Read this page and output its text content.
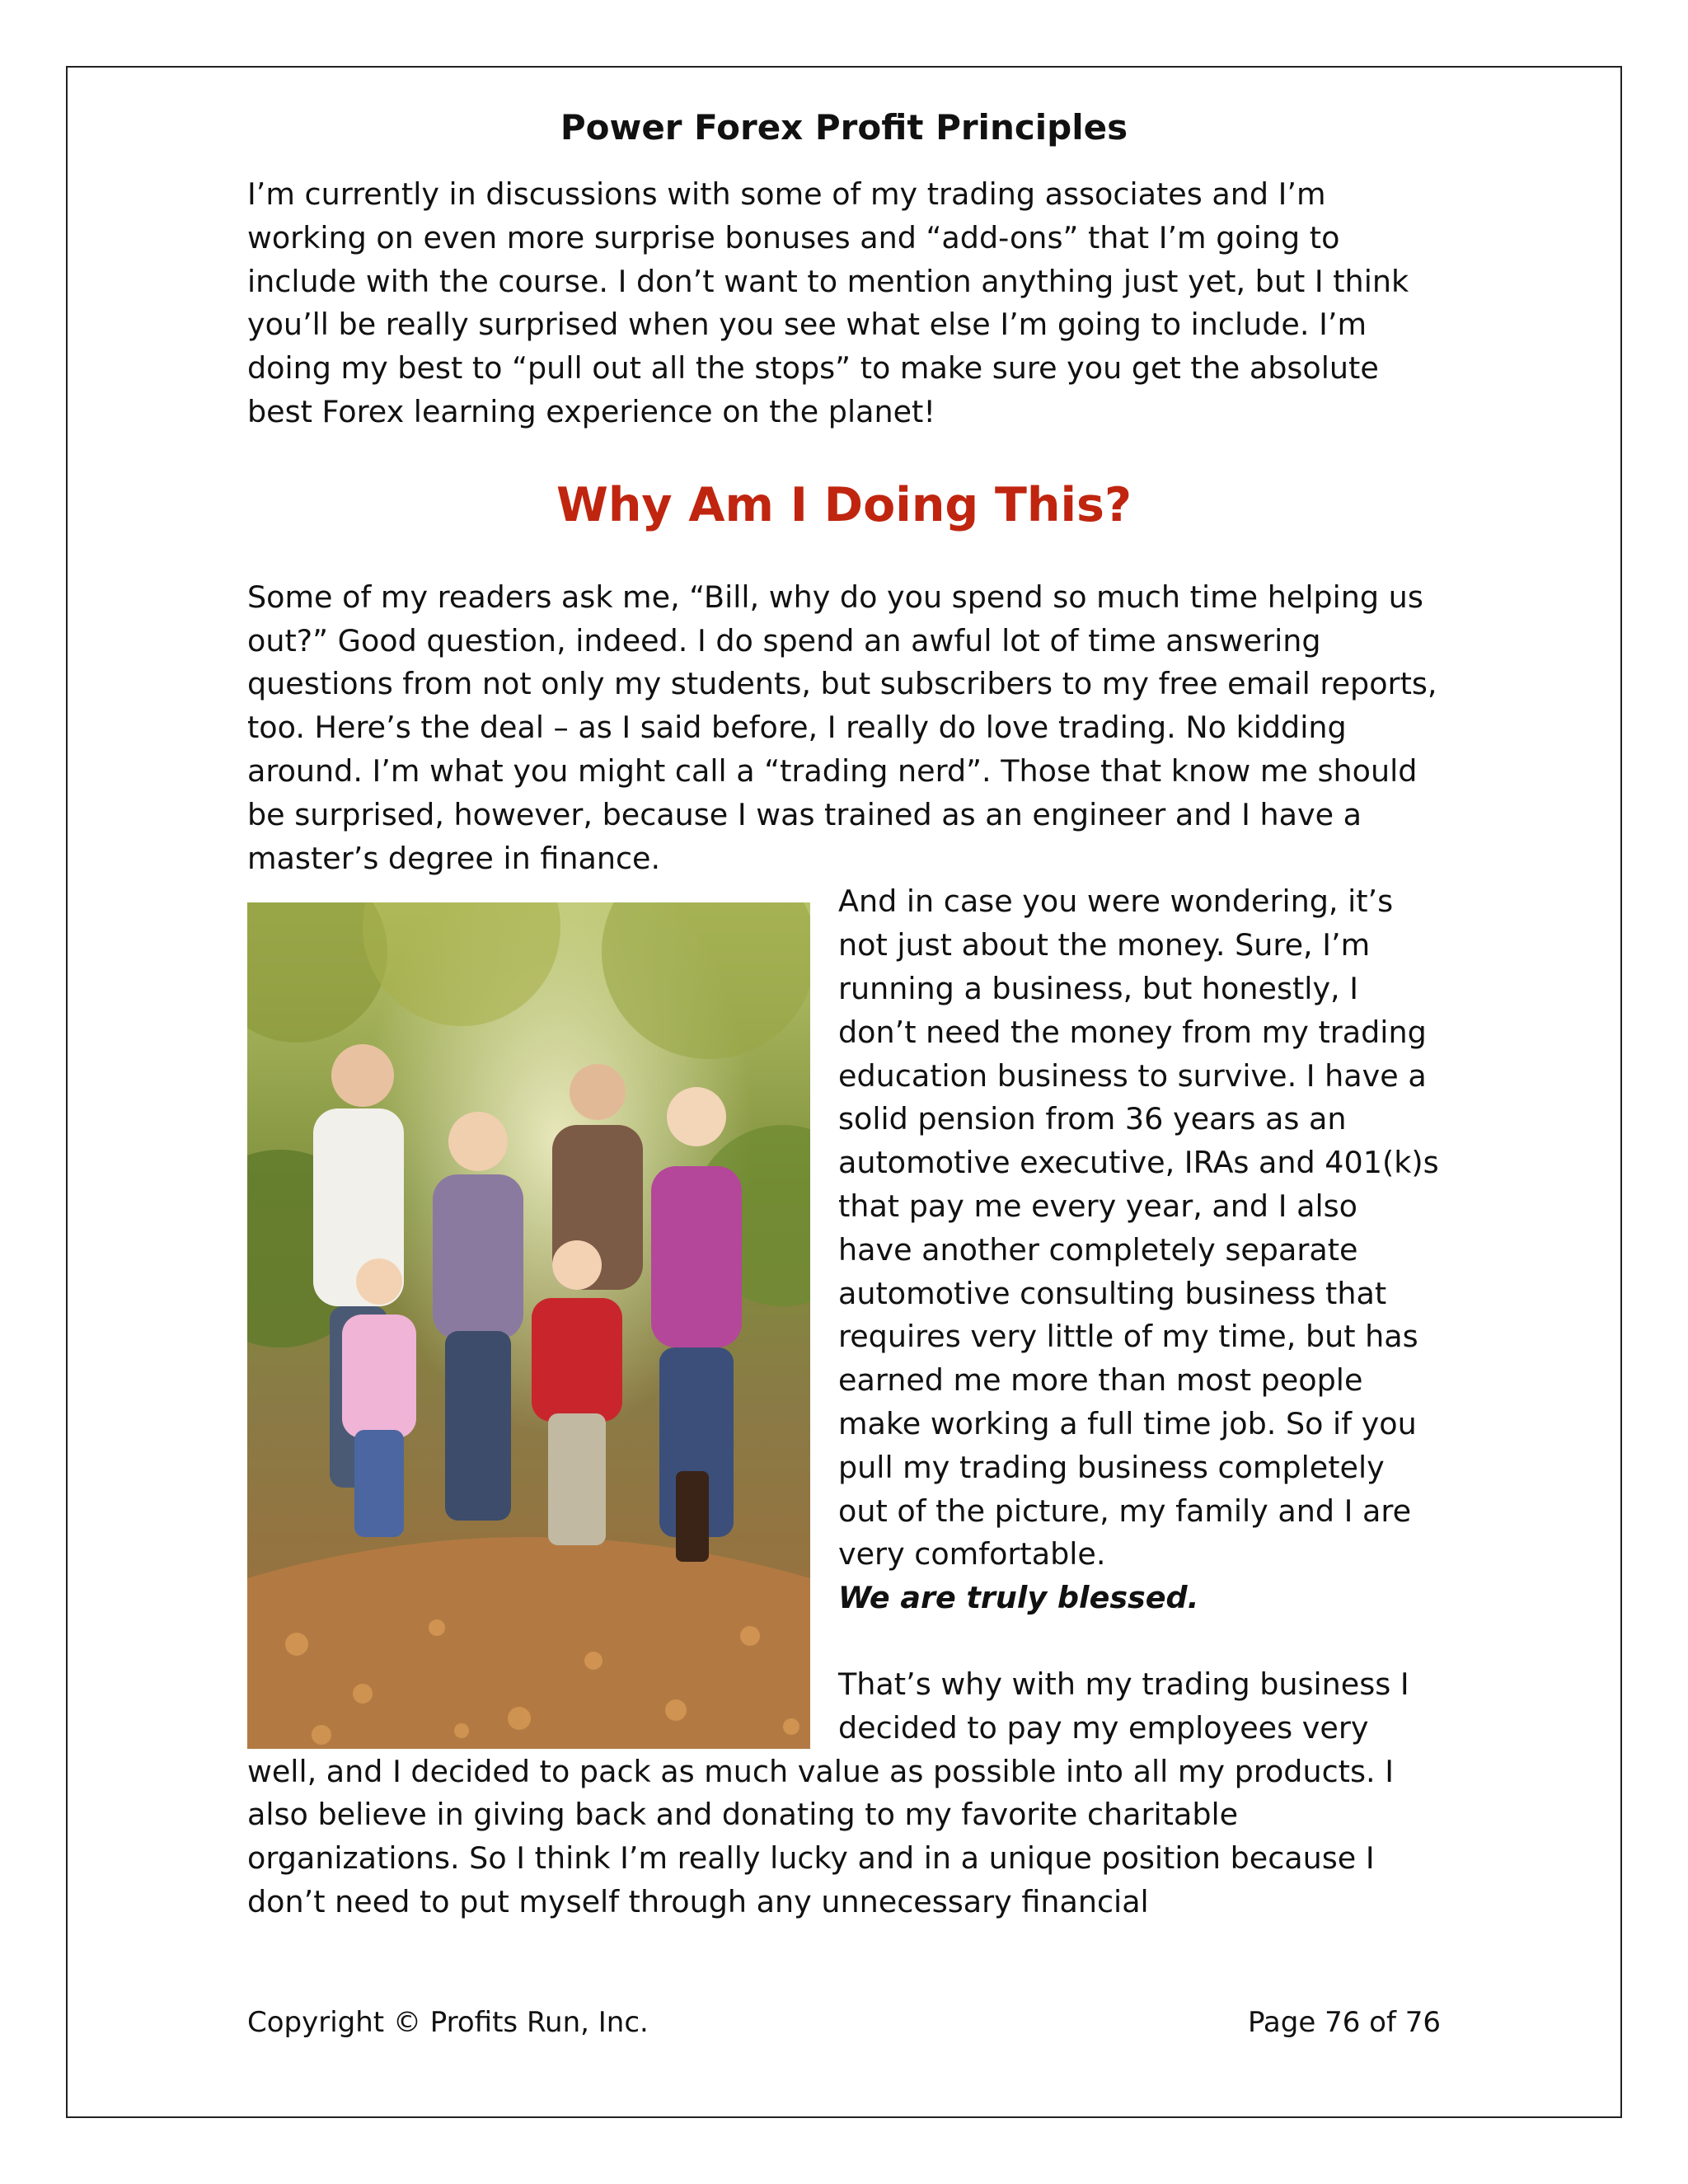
Power Forex Profit Principles

I’m currently in discussions with some of my trading associates and I’m working on even more surprise bonuses and “add-ons” that I’m going to include with the course. I don’t want to mention anything just yet, but I think you’ll be really surprised when you see what else I’m going to include. I’m doing my best to “pull out all the stops” to make sure you get the absolute best Forex learning experience on the planet!

Why Am I Doing This?

Some of my readers ask me, “Bill, why do you spend so much time helping us out?” Good question, indeed. I do spend an awful lot of time answering questions from not only my students, but subscribers to my free email reports, too. Here’s the deal – as I said before, I really do love trading. No kidding around. I’m what you might call a “trading nerd”. Those that know me should be surprised, however, because I was trained as an engineer and I have a master’s degree in finance.

And in case you were wondering, it’s not just about the money. Sure, I’m running a business, but honestly, I don’t need the money from my trading education business to survive. I have a solid pension from 36 years as an automotive executive, IRAs and 401(k)s that pay me every year, and I also have another completely separate automotive consulting business that requires very little of my time, but has earned me more than most people make working a full time job. So if you pull my trading business completely out of the picture, my family and I are very comfortable.
We are truly blessed.

That’s why with my trading business I decided to pay my employees very well, and I decided to pack as much value as possible into all my products. I also believe in giving back and donating to my favorite charitable organizations. So I think I’m really lucky and in a unique position because I don’t need to put myself through any unnecessary financial

Copyright © Profits Run, Inc.	Page 76 of 76
